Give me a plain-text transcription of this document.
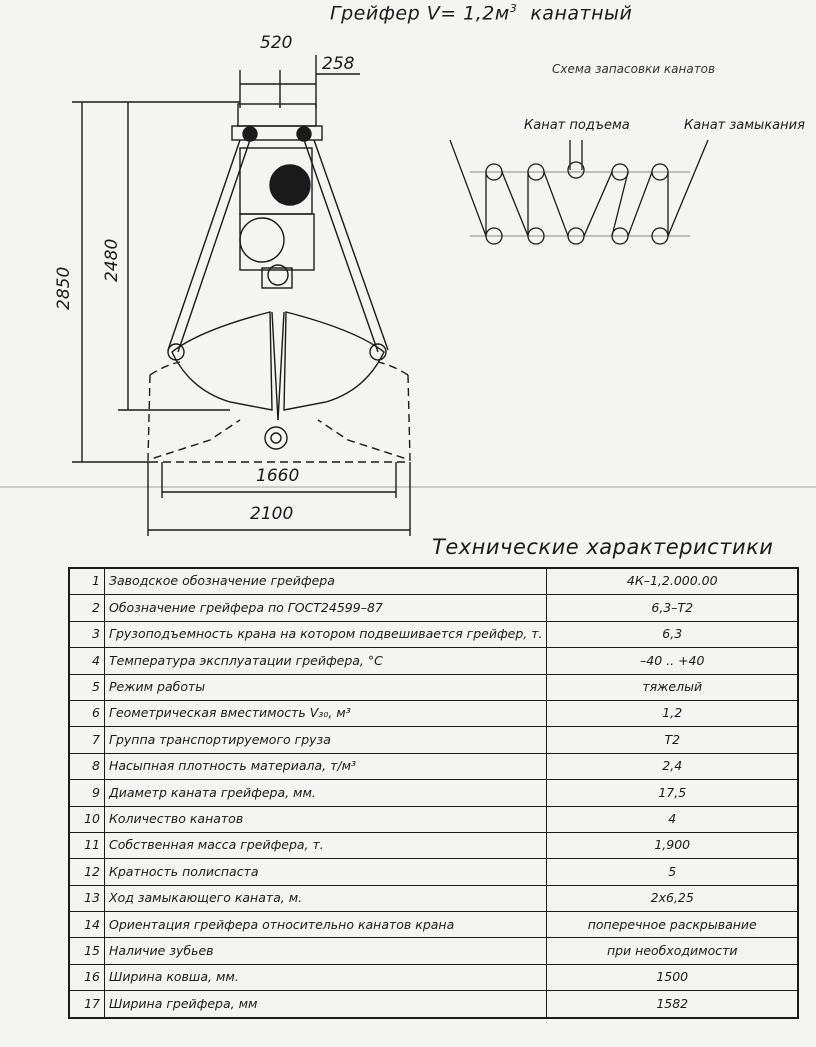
Грейфер $V= 1,2м^3$ канатный
520
258
2850
2480
1660
2100
Схема запасовки канатов
Канат подъема	Канат замыкания
Технические характеристики
1	Заводское обозначение грейфера	4К–1,2.000.00
2	Обозначение грейфера по ГОСТ24599–87	6,3–Т2
3	Грузоподъемность крана на котором подвешивается грейфер, т.	6,3
4	Температура эксплуатации грейфера, °С	–40 .. +40
5	Режим работы	тяжелый
6	Геометрическая вместимость V₃₀, м³	1,2
7	Группа транспортируемого груза	Т2
8	Насыпная плотность материала, т/м³	2,4
9	Диаметр каната грейфера, мм.	17,5
10	Количество канатов	4
11	Собственная масса грейфера, т.	1,900
12	Кратность полиспаста	5
13	Ход замыкающего каната, м.	2х6,25
14	Ориентация грейфера относительно канатов крана	поперечное раскрывание
15	Наличие зубьев	при необходимости
16	Ширина ковша, мм.	1500
17	Ширина грейфера, мм	1582
